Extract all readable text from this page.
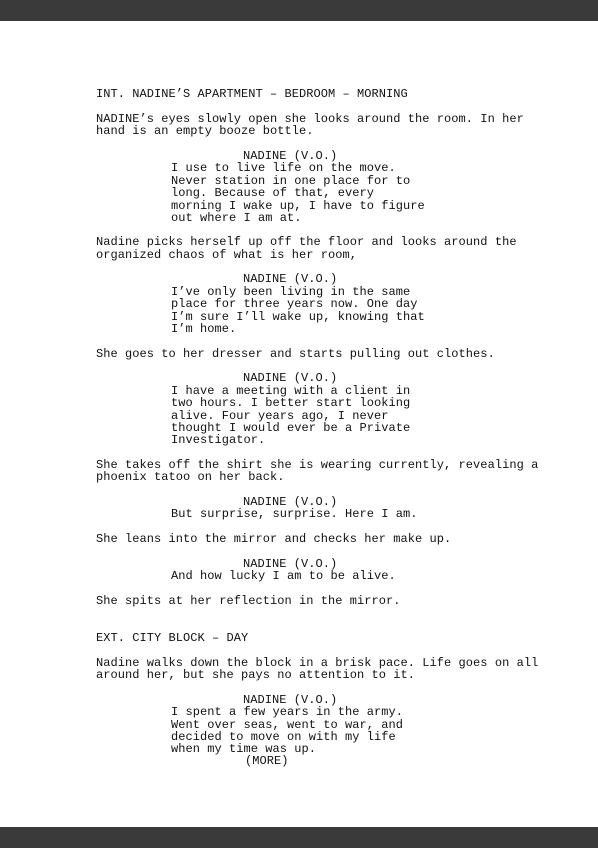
INT. NADINE’S APARTMENT – BEDROOM – MORNING
NADINE’s eyes slowly open she looks around the room. In her
hand is an empty booze bottle.
NADINE (V.O.)
I use to live life on the move.
Never station in one place for to
long. Because of that, every
morning I wake up, I have to figure
out where I am at.
Nadine picks herself up off the floor and looks around the
organized chaos of what is her room,
NADINE (V.O.)
I’ve only been living in the same
place for three years now. One day
I’m sure I’ll wake up, knowing that
I’m home.
She goes to her dresser and starts pulling out clothes.
NADINE (V.O.)
I have a meeting with a client in
two hours. I better start looking
alive. Four years ago, I never
thought I would ever be a Private
Investigator.
She takes off the shirt she is wearing currently, revealing a
phoenix tatoo on her back.
NADINE (V.O.)
But surprise, surprise. Here I am.
She leans into the mirror and checks her make up.
NADINE (V.O.)
And how lucky I am to be alive.
She spits at her reflection in the mirror.
EXT. CITY BLOCK – DAY
Nadine walks down the block in a brisk pace. Life goes on all
around her, but she pays no attention to it.
NADINE (V.O.)
I spent a few years in the army.
Went over seas, went to war, and
decided to move on with my life
when my time was up.
(MORE)
